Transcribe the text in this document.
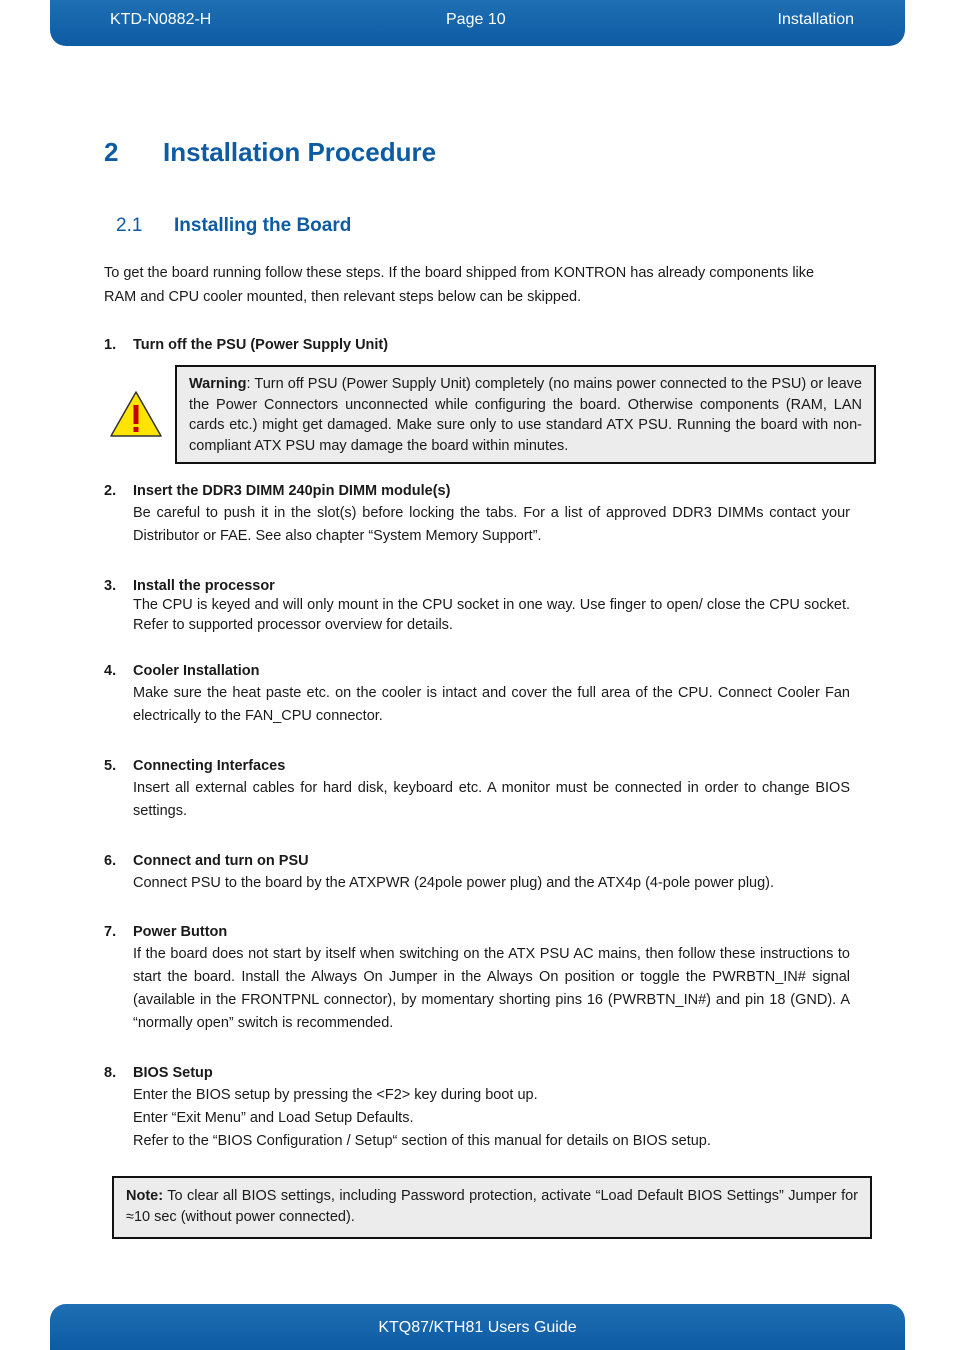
KTD-N0882-H	Page 10	Installation
2 Installation Procedure
2.1 Installing the Board

To get the board running follow these steps. If the board shipped from KONTRON has already components like RAM and CPU cooler mounted, then relevant steps below can be skipped.

1. Turn off the PSU (Power Supply Unit)
Warning: Turn off PSU (Power Supply Unit) completely (no mains power connected to the PSU) or leave the Power Connectors unconnected while configuring the board. Otherwise components (RAM, LAN cards etc.) might get damaged. Make sure only to use standard ATX PSU. Running the board with non-compliant ATX PSU may damage the board within minutes.
2. Insert the DDR3 DIMM 240pin DIMM module(s)
Be careful to push it in the slot(s) before locking the tabs. For a list of approved DDR3 DIMMs contact your Distributor or FAE. See also chapter “System Memory Support”.
3. Install the processor
The CPU is keyed and will only mount in the CPU socket in one way. Use finger to open/ close the CPU socket. Refer to supported processor overview for details.
4. Cooler Installation
Make sure the heat paste etc. on the cooler is intact and cover the full area of the CPU. Connect Cooler Fan electrically to the FAN_CPU connector.
5. Connecting Interfaces
Insert all external cables for hard disk, keyboard etc. A monitor must be connected in order to change BIOS settings.
6. Connect and turn on PSU
Connect PSU to the board by the ATXPWR (24pole power plug) and the ATX4p (4-pole power plug).
7. Power Button
If the board does not start by itself when switching on the ATX PSU AC mains, then follow these instructions to start the board. Install the Always On Jumper in the Always On position or toggle the PWRBTN_IN# signal (available in the FRONTPNL connector), by momentary shorting pins 16 (PWRBTN_IN#) and pin 18 (GND). A “normally open” switch is recommended.
8. BIOS Setup
Enter the BIOS setup by pressing the <F2> key during boot up.
Enter “Exit Menu” and Load Setup Defaults.
Refer to the “BIOS Configuration / Setup“ section of this manual for details on BIOS setup.
Note: To clear all BIOS settings, including Password protection, activate “Load Default BIOS Settings” Jumper for ≈10 sec (without power connected).
KTQ87/KTH81 Users Guide
